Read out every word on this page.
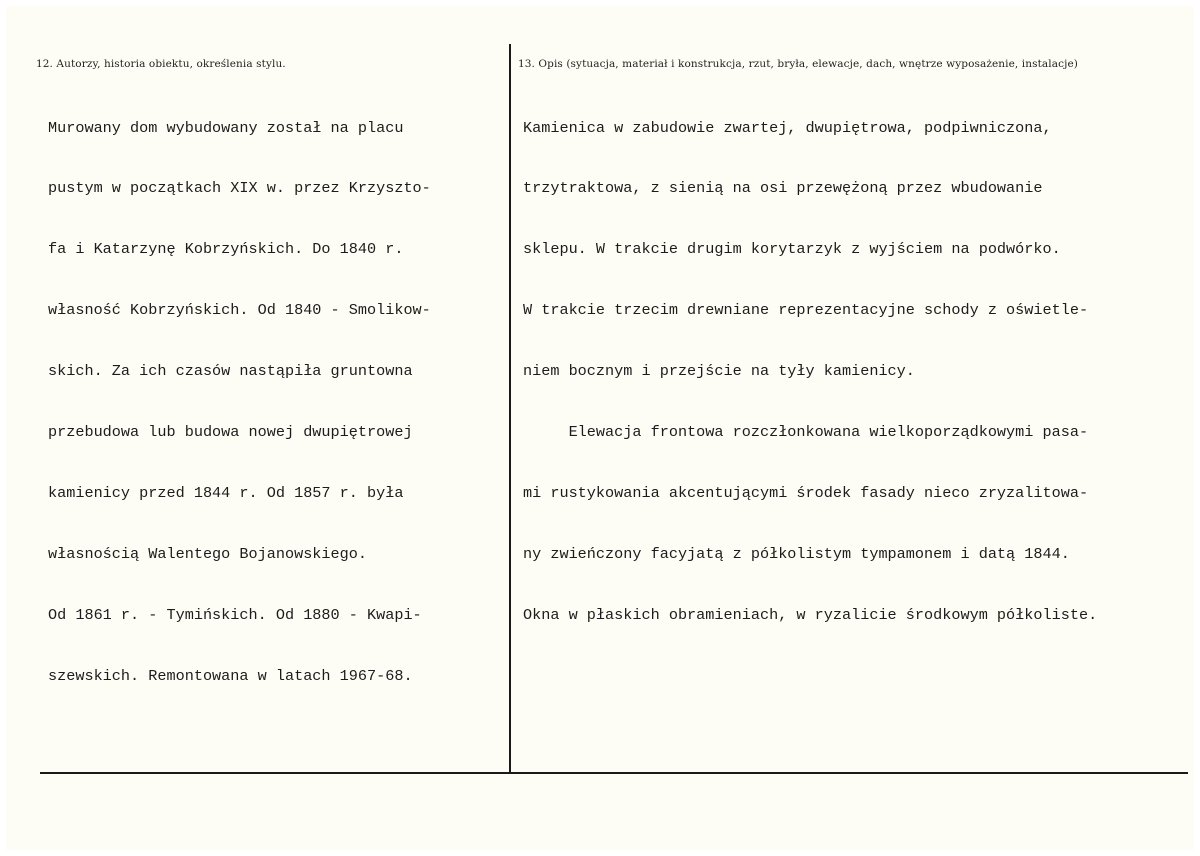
12. Autorzy, historia obiektu, określenia stylu.

Murowany dom wybudowany został na placu

pustym w początkach XIX w. przez Krzyszto-

fa i Katarzynę Kobrzyńskich. Do 1840 r.

własność Kobrzyńskich. Od 1840 - Smolikow-

skich. Za ich czasów nastąpiła gruntowna

przebudowa lub budowa nowej dwupiętrowej

kamienicy przed 1844 r. Od 1857 r. była

własnością Walentego Bojanowskiego.

Od 1861 r. - Tymińskich. Od 1880 - Kwapi-

szewskich. Remontowana w latach 1967-68.

13. Opis (sytuacja, materiał i konstrukcja, rzut, bryła, elewacje, dach, wnętrze wyposażenie, instalacje)

Kamienica w zabudowie zwartej, dwupiętrowa, podpiwniczona,

trzytraktowa, z sienią na osi przewężoną przez wbudowanie

sklepu. W trakcie drugim korytarzyk z wyjściem na podwórko.

W trakcie trzecim drewniane reprezentacyjne schody z oświetle-

niem bocznym i przejście na tyły kamienicy.

Elewacja frontowa rozczłonkowana wielkoporządkowymi pasa-

mi rustykowania akcentującymi środek fasady nieco zryzalitowa-

ny zwieńczony facyjatą z półkolistym tympamonem i datą 1844.

Okna w płaskich obramieniach, w ryzalicie środkowym półkoliste.
